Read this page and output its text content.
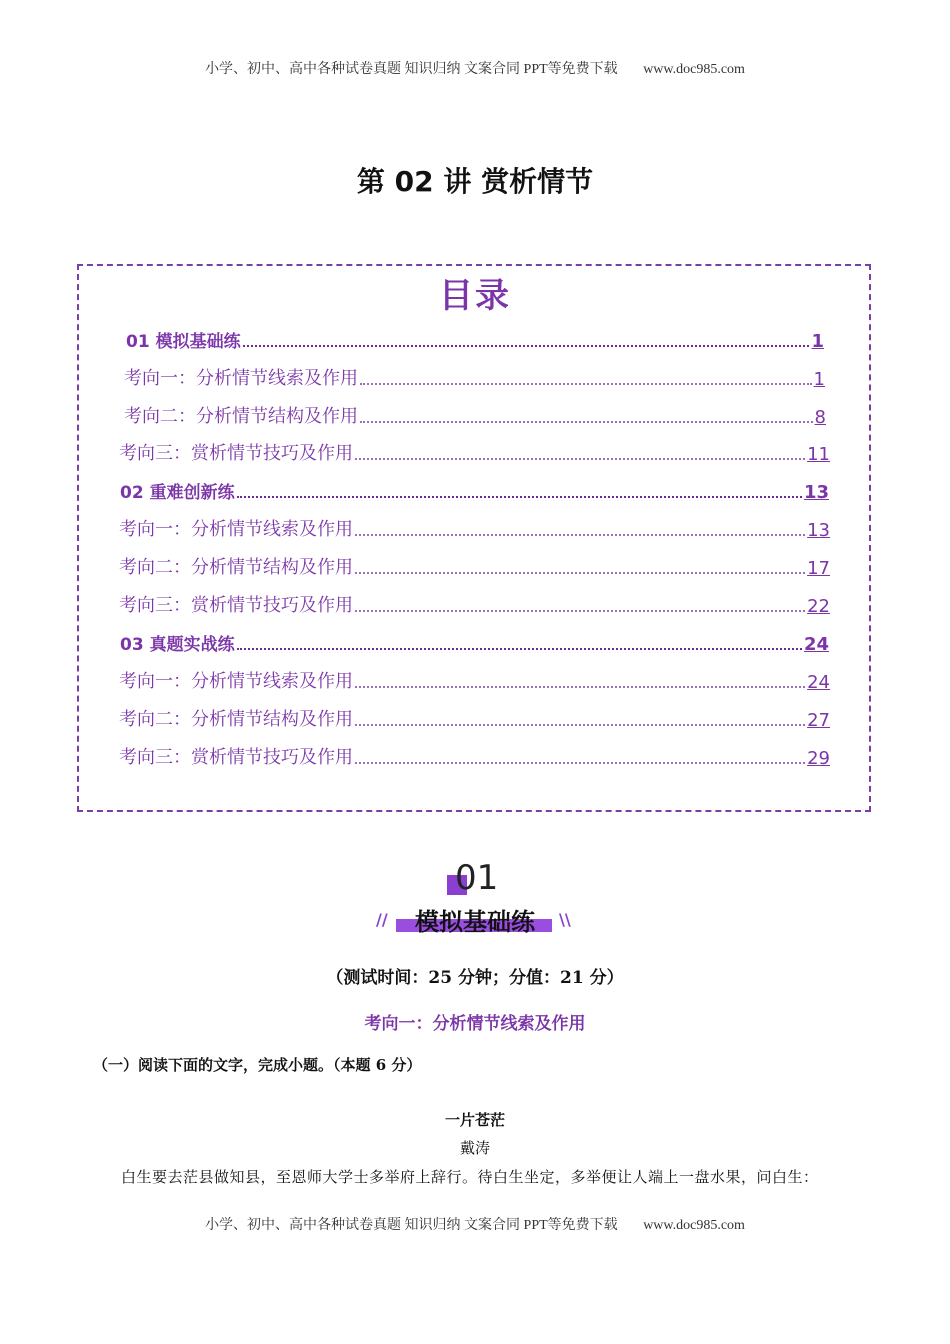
小学、初中、高中各种试卷真题 知识归纳 文案合同 PPT等免费下载 www.doc985.com
第 02 讲 赏析情节
目录
01 模拟基础练	1
考向一：分析情节线索及作用	1
考向二：分析情节结构及作用	8
考向三：赏析情节技巧及作用	11
02 重难创新练	13
考向一：分析情节线索及作用	13
考向二：分析情节结构及作用	17
考向三：赏析情节技巧及作用	22
03 真题实战练	24
考向一：分析情节线索及作用	24
考向二：分析情节结构及作用	27
考向三：赏析情节技巧及作用	29
01
//	模拟基础练	\\
（测试时间：25 分钟；分值：21 分）
考向一：分析情节线索及作用
（一）阅读下面的文字，完成小题。（本题 6 分）
一片苍茫
戴涛
白生要去茫县做知县，至恩师大学士多举府上辞行。待白生坐定，多举便让人端上一盘水果，问白生：
小学、初中、高中各种试卷真题 知识归纳 文案合同 PPT等免费下载 www.doc985.com
